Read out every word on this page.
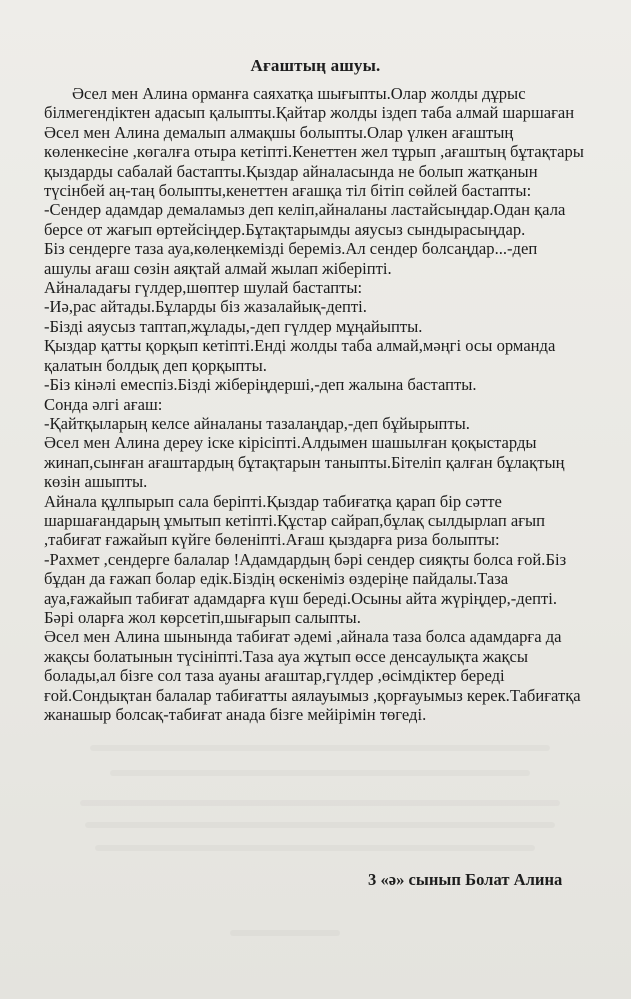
Ағаштың ашуы.
Әсел мен Алина орманға саяхатқа шығыпты.Олар жолды дұрыс
білмегендіктен адасып қалыпты.Қайтар жолды іздеп таба алмай шаршаған
Әсел мен Алина демалып алмақшы болыпты.Олар үлкен ағаштың
көленкесіне ,көгалға отыра кетіпті.Кенеттен жел тұрып ,ағаштың бұтақтары
қыздарды сабалай бастапты.Қыздар айналасында не болып жатқанын
түсінбей аң-таң болыпты,кенеттен ағашқа тіл бітіп сөйлей бастапты:
-Сендер адамдар демаламыз деп келіп,айналаны ластайсыңдар.Одан қала
берсе от жағып өртейсіңдер.Бұтақтарымды аяусыз сындырасыңдар.
Біз сендерге таза ауа,көлеңкемізді береміз.Ал сендер болсаңдар...-деп
ашулы ағаш сөзін аяқтай алмай жылап жіберіпті.
Айналадағы гүлдер,шөптер шулай бастапты:
-Иә,рас айтады.Бұларды біз жазалайық-депті.
-Бізді аяусыз таптап,жұлады,-деп гүлдер мұңайыпты.
Қыздар қатты қорқып кетіпті.Енді жолды таба алмай,мәңгі осы орманда
қалатын болдық деп қорқыпты.
-Біз кінәлі емеспіз.Бізді жіберіңдерші,-деп жалына бастапты.
Сонда әлгі ағаш:
-Қайтқыларың келсе айналаны тазалаңдар,-деп бұйырыпты.
Әсел мен Алина дереу іске кірісіпті.Алдымен шашылған қоқыстарды
жинап,сынған ағаштардың бұтақтарын таныпты.Бітеліп қалған бұлақтың
көзін ашыпты.
Айнала құлпырып сала беріпті.Қыздар табиғатқа қарап бір сәтте
шаршағандарың ұмытып кетіпті.Құстар сайрап,бұлақ сылдырлап ағып
,табиғат ғажайып күйге бөленіпті.Ағаш қыздарға риза болыпты:
-Рахмет ,сендерге балалар !Адамдардың бәрі сендер сияқты болса ғой.Біз
бұдан да ғажап болар едік.Біздің өскеніміз өздеріңе пайдалы.Таза
ауа,ғажайып табиғат адамдарға күш береді.Осыны айта жүріңдер,-депті.
Бәрі оларға жол көрсетіп,шығарып салыпты.
Әсел мен Алина шынында табиғат әдемі ,айнала таза болса адамдарға да
жақсы болатынын түсініпті.Таза ауа жұтып өссе денсаулықта жақсы
болады,ал бізге сол таза ауаны ағаштар,гүлдер ,өсімдіктер береді
ғой.Сондықтан балалар табиғатты аялауымыз ,қорғауымыз керек.Табиғатқа
жанашыр болсақ-табиғат анада бізге мейірімін төгеді.
3 «ә» сынып Болат Алина
